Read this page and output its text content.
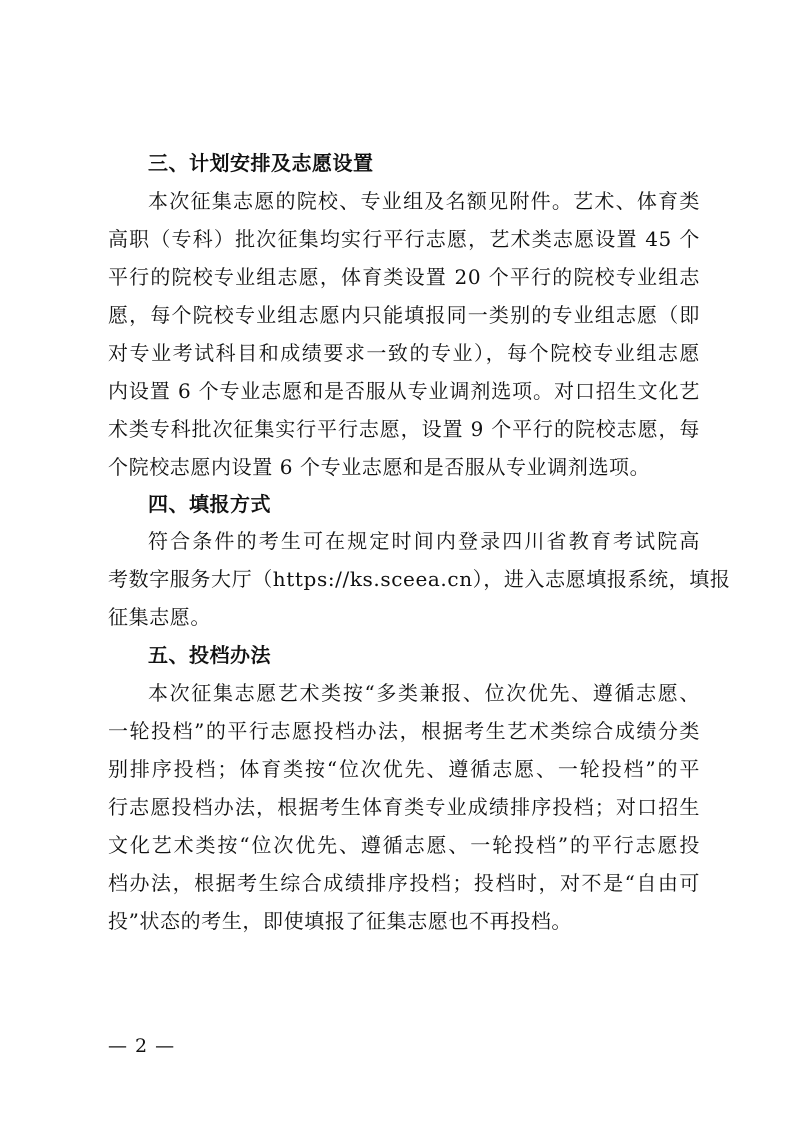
三、计划安排及志愿设置
本次征集志愿的院校、专业组及名额见附件。艺术、体育类
高职（专科）批次征集均实行平行志愿，艺术类志愿设置 45 个
平行的院校专业组志愿，体育类设置 20 个平行的院校专业组志
愿，每个院校专业组志愿内只能填报同一类别的专业组志愿（即
对专业考试科目和成绩要求一致的专业），每个院校专业组志愿
内设置 6 个专业志愿和是否服从专业调剂选项。对口招生文化艺
术类专科批次征集实行平行志愿，设置 9 个平行的院校志愿，每
个院校志愿内设置 6 个专业志愿和是否服从专业调剂选项。
四、填报方式
符合条件的考生可在规定时间内登录四川省教育考试院高
考数字服务大厅（https://ks.sceea.cn），进入志愿填报系统，填报
征集志愿。
五、投档办法
本次征集志愿艺术类按“多类兼报、位次优先、遵循志愿、
一轮投档”的平行志愿投档办法，根据考生艺术类综合成绩分类
别排序投档；体育类按“位次优先、遵循志愿、一轮投档”的平
行志愿投档办法，根据考生体育类专业成绩排序投档；对口招生
文化艺术类按“位次优先、遵循志愿、一轮投档”的平行志愿投
档办法，根据考生综合成绩排序投档；投档时，对不是“自由可
投”状态的考生，即使填报了征集志愿也不再投档。
— 2 —
